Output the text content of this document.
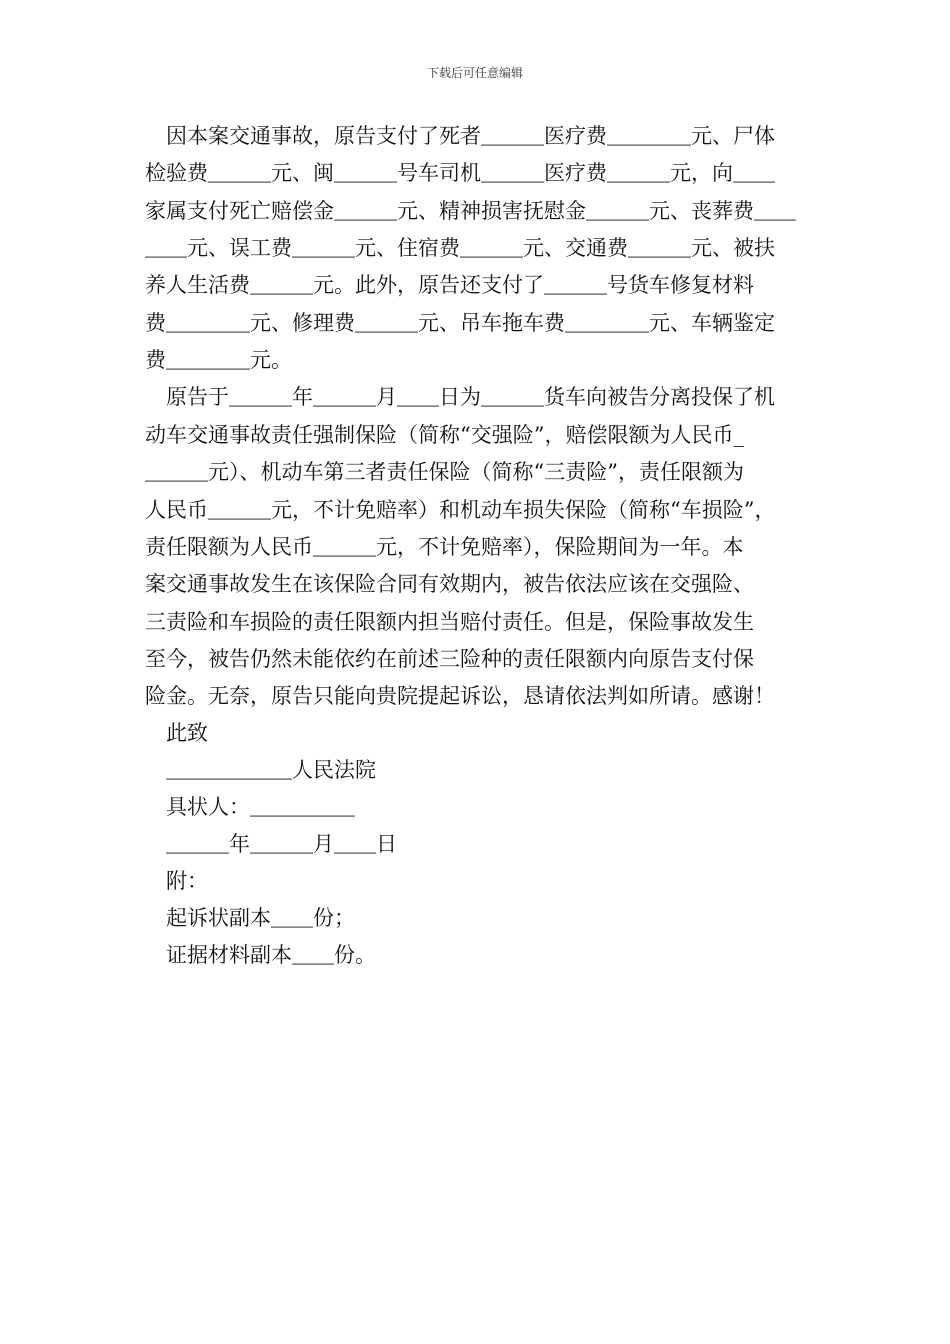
下载后可任意编辑
　因本案交通事故，原告支付了死者＿＿＿医疗费＿＿＿＿元、尸体
检验费＿＿＿元、闽＿＿＿号车司机＿＿＿医疗费＿＿＿元，向＿＿
家属支付死亡赔偿金＿＿＿元、精神损害抚慰金＿＿＿元、丧葬费＿＿
＿＿元、误工费＿＿＿元、住宿费＿＿＿元、交通费＿＿＿元、被扶
养人生活费＿＿＿元。此外，原告还支付了＿＿＿号货车修复材料
费＿＿＿＿元、修理费＿＿＿元、吊车拖车费＿＿＿＿元、车辆鉴定
费＿＿＿＿元。
　原告于＿＿＿年＿＿＿月＿＿日为＿＿＿货车向被告分离投保了机
动车交通事故责任强制保险（简称“交强险”，赔偿限额为人民币_
＿＿＿元）、机动车第三者责任保险（简称“三责险”，责任限额为
人民币＿＿＿元，不计免赔率）和机动车损失保险（简称“车损险”，
责任限额为人民币＿＿＿元，不计免赔率），保险期间为一年。本
案交通事故发生在该保险合同有效期内，被告依法应该在交强险、
三责险和车损险的责任限额内担当赔付责任。但是，保险事故发生
至今，被告仍然未能依约在前述三险种的责任限额内向原告支付保
险金。无奈，原告只能向贵院提起诉讼，恳请依法判如所请。感谢！
　此致
　＿＿＿＿＿＿人民法院
　具状人：＿＿＿＿＿
　＿＿＿年＿＿＿月＿＿日
　附：
　起诉状副本＿＿份；
　证据材料副本＿＿份。
